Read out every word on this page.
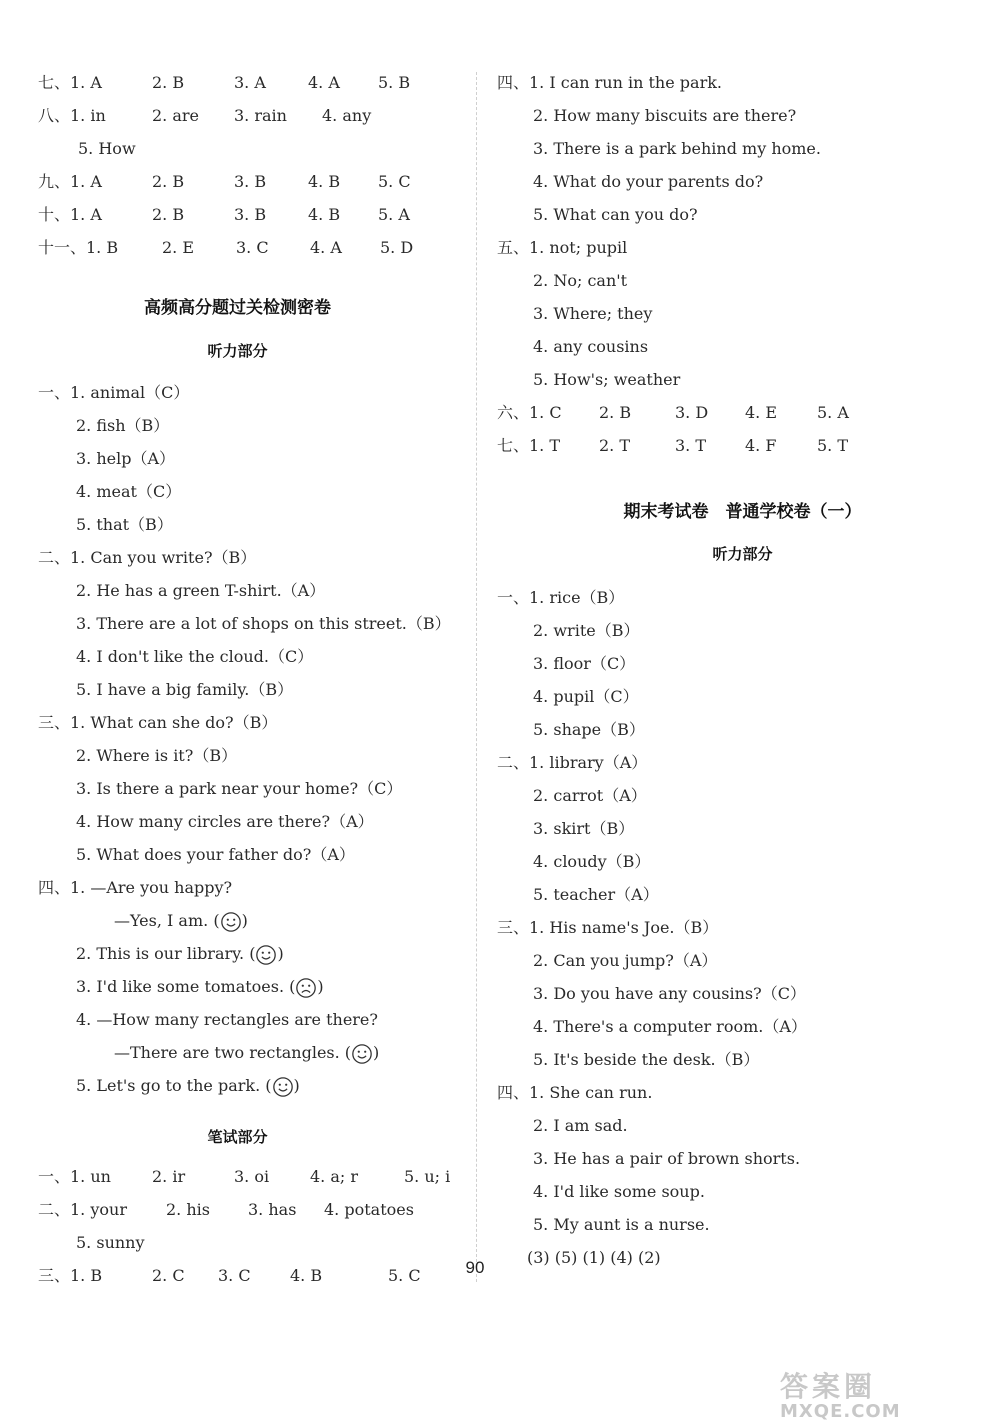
七、1. A	2. B	3. A	4. A 5. B
八、1. in	2. are 3. rain 4. any
5. How
九、1. A	2. B	3. B	4. B 5. C
十、1. A	2. B	3. B	4. B 5. A
十一、1. B	2. E	3. C	4. A 5. D
高频高分题过关检测密卷
听力部分
一、1. animal（C）
2. fish（B）
3. help（A）
4. meat（C）
5. that（B）
二、1. Can you write?（B）
2. He has a green T-shirt.（A）
3. There are a lot of shops on this street.（B）
4. I don't like the cloud.（C）
5. I have a big family.（B）
三、1. What can she do?（B）
2. Where is it?（B）
3. Is there a park near your home?（C）
4. How many circles are there?（A）
5. What does your father do?（A）
四、1. —Are you happy?
—Yes, I am. ( )
2. This is our library. ( )
3. I'd like some tomatoes. ( )
4. —How many rectangles are there?
—There are two rectangles. ( )
5. Let's go to the park. ( )
笔试部分
一、1. un	2. ir	3. oi	4. a; r	5. u; i
二、1. your 2. his 3. has 4. potatoes
5. sunny
三、1. B	2. C 3. C 4. B	5. C
四、1. I can run in the park.
2. How many biscuits are there?
3. There is a park behind my home.
4. What do your parents do?
5. What can you do?
五、1. not; pupil
2. No; can't
3. Where; they
4. any cousins
5. How's; weather
六、1. C 2. B	3. D 4. E 5. A
七、1. T 2. T	3. T 4. F	5. T
期末考试卷　普通学校卷（一）
听力部分
一、1. rice（B）
2. write（B）
3. floor（C）
4. pupil（C）
5. shape（B）
二、1. library（A）
2. carrot（A）
3. skirt（B）
4. cloudy（B）
5. teacher（A）
三、1. His name's Joe.（B）
2. Can you jump?（A）
3. Do you have any cousins?（C）
4. There's a computer room.（A）
5. It's beside the desk.（B）
四、1. She can run.
2. I am sad.
3. He has a pair of brown shorts.
4. I'd like some soup.
5. My aunt is a nurse.
(3) (5) (1) (4) (2)
90
答案圈
MXQE.COM
